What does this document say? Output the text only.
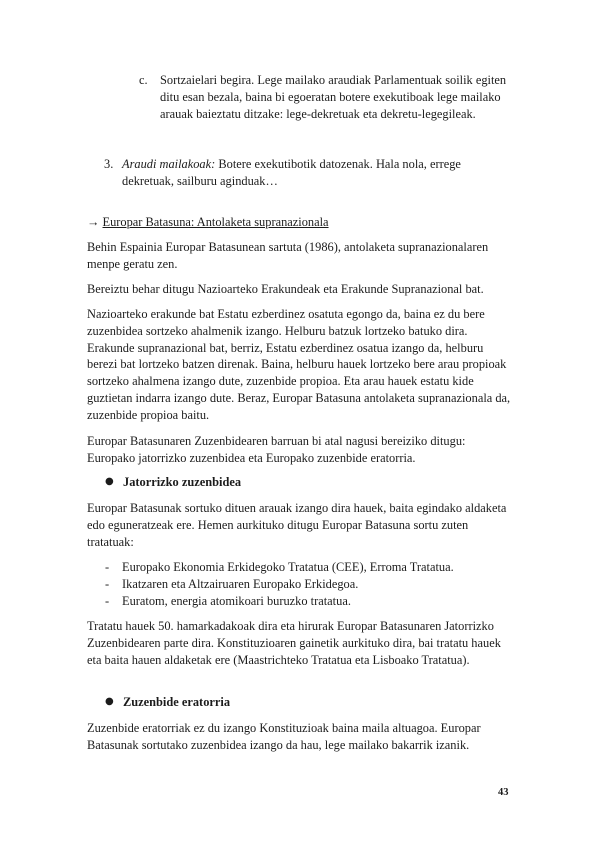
c. Sortzaielari begira. Lege mailako araudiak Parlamentuak soilik egiten ditu esan bezala, baina bi egoeratan botere exekutiboak lege mailako arauak baieztatu ditzake: lege-dekretuak eta dekretu-legegileak.
3. Araudi mailakoak: Botere exekutibotik datozenak. Hala nola, errege dekretuak, sailburu aginduak…
→ Europar Batasuna: Antolaketa supranazionala
Behin Espainia Europar Batasunean sartuta (1986), antolaketa supranazionalaren menpe geratu zen.
Bereiztu behar ditugu Nazioarteko Erakundeak eta Erakunde Supranazional bat.
Nazioarteko erakunde bat Estatu ezberdinez osatuta egongo da, baina ez du bere zuzenbidea sortzeko ahalmenik izango. Helburu batzuk lortzeko batuko dira. Erakunde supranazional bat, berriz, Estatu ezberdinez osatua izango da, helburu berezi bat lortzeko batzen direnak. Baina, helburu hauek lortzeko bere arau propioak sortzeko ahalmena izango dute, zuzenbide propioa. Eta arau hauek estatu kide guztietan indarra izango dute. Beraz, Europar Batasuna antolaketa supranazionala da, zuzenbide propioa baitu.
Europar Batasunaren Zuzenbidearen barruan bi atal nagusi bereiziko ditugu: Europako jatorrizko zuzenbidea eta Europako zuzenbide eratorria.
● Jatorrizko zuzenbidea
Europar Batasunak sortuko dituen arauak izango dira hauek, baita egindako aldaketa edo eguneratzeak ere. Hemen aurkituko ditugu Europar Batasuna sortu zuten tratatuak:
- Europako Ekonomia Erkidegoko Tratatua (CEE), Erroma Tratatua.
- Ikatzaren eta Altzairuaren Europako Erkidegoa.
- Euratom, energia atomikoari buruzko tratatua.
Tratatu hauek 50. hamarkadakoak dira eta hirurak Europar Batasunaren Jatorrizko Zuzenbidearen parte dira. Konstituzioaren gainetik aurkituko dira, bai tratatu hauek eta baita hauen aldaketak ere (Maastrichteko Tratatua eta Lisboako Tratatua).
● Zuzenbide eratorria
Zuzenbide eratorriak ez du izango Konstituzioak baina maila altuagoa. Europar Batasunak sortutako zuzenbidea izango da hau, lege mailako bakarrik izanik.
43
